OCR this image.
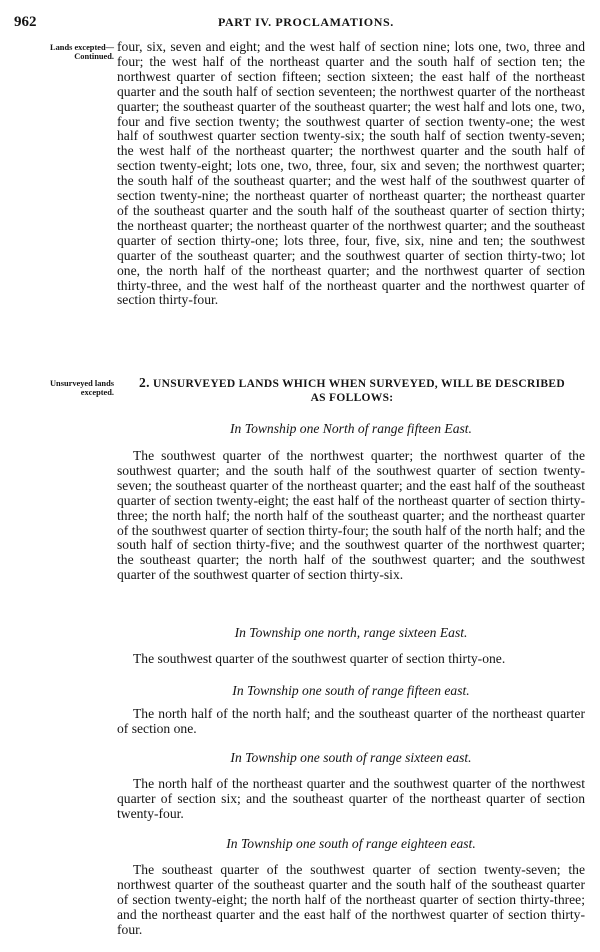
962	PART IV. PROCLAMATIONS.
Lands excepted—
Continued.
four, six, seven and eight; and the west half of section nine; lots one, two, three and four; the west half of the northeast quarter and the south half of section ten; the northwest quarter of section fifteen; section sixteen; the east half of the northeast quarter and the south half of section seventeen; the northwest quarter of the northeast quarter; the southeast quarter of the southeast quarter; the west half and lots one, two, four and five section twenty; the southwest quarter of section twenty-one; the west half of southwest quarter section twenty-six; the south half of section twenty-seven; the west half of the northeast quarter; the northwest quarter and the south half of section twenty-eight; lots one, two, three, four, six and seven; the northwest quarter; the south half of the southeast quarter; and the west half of the southwest quarter of section twenty-nine; the northeast quarter of northeast quarter; the northeast quarter of the southeast quarter and the south half of the southeast quarter of section thirty; the northeast quarter; the northeast quarter of the northwest quarter; and the southeast quarter of section thirty-one; lots three, four, five, six, nine and ten; the southwest quarter of the southeast quarter; and the southwest quarter of section thirty-two; lot one, the north half of the northeast quarter; and the northwest quarter of section thirty-three, and the west half of the northeast quarter and the northwest quarter of section thirty-four.
Unsurveyed lands
excepted.
2. UNSURVEYED LANDS WHICH WHEN SURVEYED, WILL BE DESCRIBED
AS FOLLOWS:
In Township one North of range fifteen East.
The southwest quarter of the northwest quarter; the northwest quarter of the southwest quarter; and the south half of the southwest quarter of section twenty-seven; the southeast quarter of the northeast quarter; and the east half of the southeast quarter of section twenty-eight; the east half of the northeast quarter of section thirty-three; the north half; the north half of the southeast quarter; and the northeast quarter of the southwest quarter of section thirty-four; the south half of the north half; and the south half of section thirty-five; and the southwest quarter of the northwest quarter; the southeast quarter; the north half of the southwest quarter; and the southwest quarter of the southwest quarter of section thirty-six.
In Township one north, range sixteen East.
The southwest quarter of the southwest quarter of section thirty-one.
In Township one south of range fifteen east.
The north half of the north half; and the southeast quarter of the northeast quarter of section one.
In Township one south of range sixteen east.
The north half of the northeast quarter and the southwest quarter of the northwest quarter of section six; and the southeast quarter of the northeast quarter of section twenty-four.
In Township one south of range eighteen east.
The southeast quarter of the southwest quarter of section twenty-seven; the northwest quarter of the southeast quarter and the south half of the southeast quarter of section twenty-eight; the north half of the northeast quarter of section thirty-three; and the northeast quarter and the east half of the northwest quarter of section thirty-four.
